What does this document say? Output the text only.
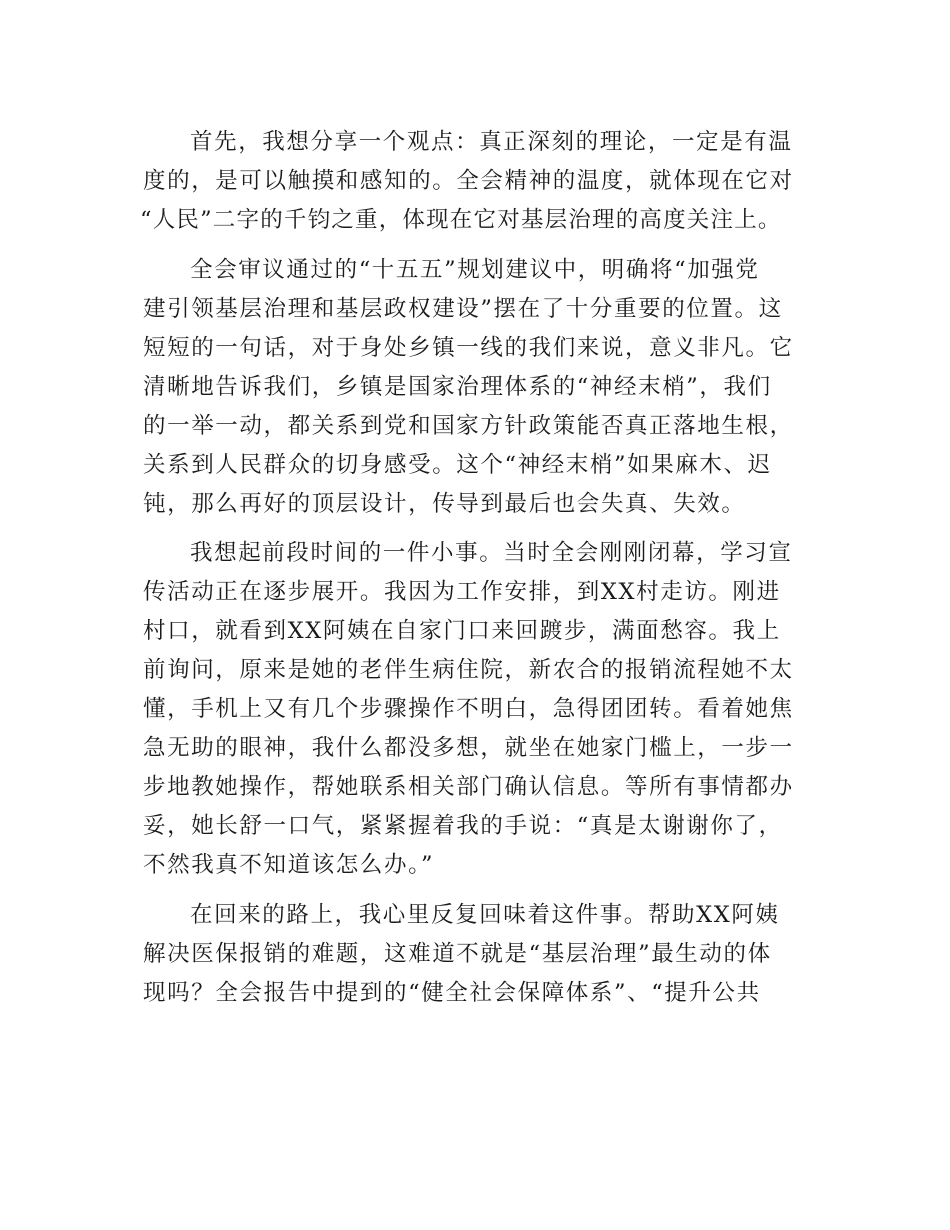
首先，我想分享一个观点：真正深刻的理论，一定是有温

度的，是可以触摸和感知的。全会精神的温度，就体现在它对

“人民”二字的千钧之重，体现在它对基层治理的高度关注上。

全会审议通过的“十五五”规划建议中，明确将“加强党

建引领基层治理和基层政权建设”摆在了十分重要的位置。这

短短的一句话，对于身处乡镇一线的我们来说，意义非凡。它

清晰地告诉我们，乡镇是国家治理体系的“神经末梢”，我们

的一举一动，都关系到党和国家方针政策能否真正落地生根，

关系到人民群众的切身感受。这个“神经末梢”如果麻木、迟

钝，那么再好的顶层设计，传导到最后也会失真、失效。

我想起前段时间的一件小事。当时全会刚刚闭幕，学习宣

传活动正在逐步展开。我因为工作安排，到XX村走访。刚进

村口，就看到XX阿姨在自家门口来回踱步，满面愁容。我上

前询问，原来是她的老伴生病住院，新农合的报销流程她不太

懂，手机上又有几个步骤操作不明白，急得团团转。看着她焦

急无助的眼神，我什么都没多想，就坐在她家门槛上，一步一

步地教她操作，帮她联系相关部门确认信息。等所有事情都办

妥，她长舒一口气，紧紧握着我的手说：“真是太谢谢你了，

不然我真不知道该怎么办。”

在回来的路上，我心里反复回味着这件事。帮助XX阿姨

解决医保报销的难题，这难道不就是“基层治理”最生动的体

现吗？全会报告中提到的“健全社会保障体系”、“提升公共
